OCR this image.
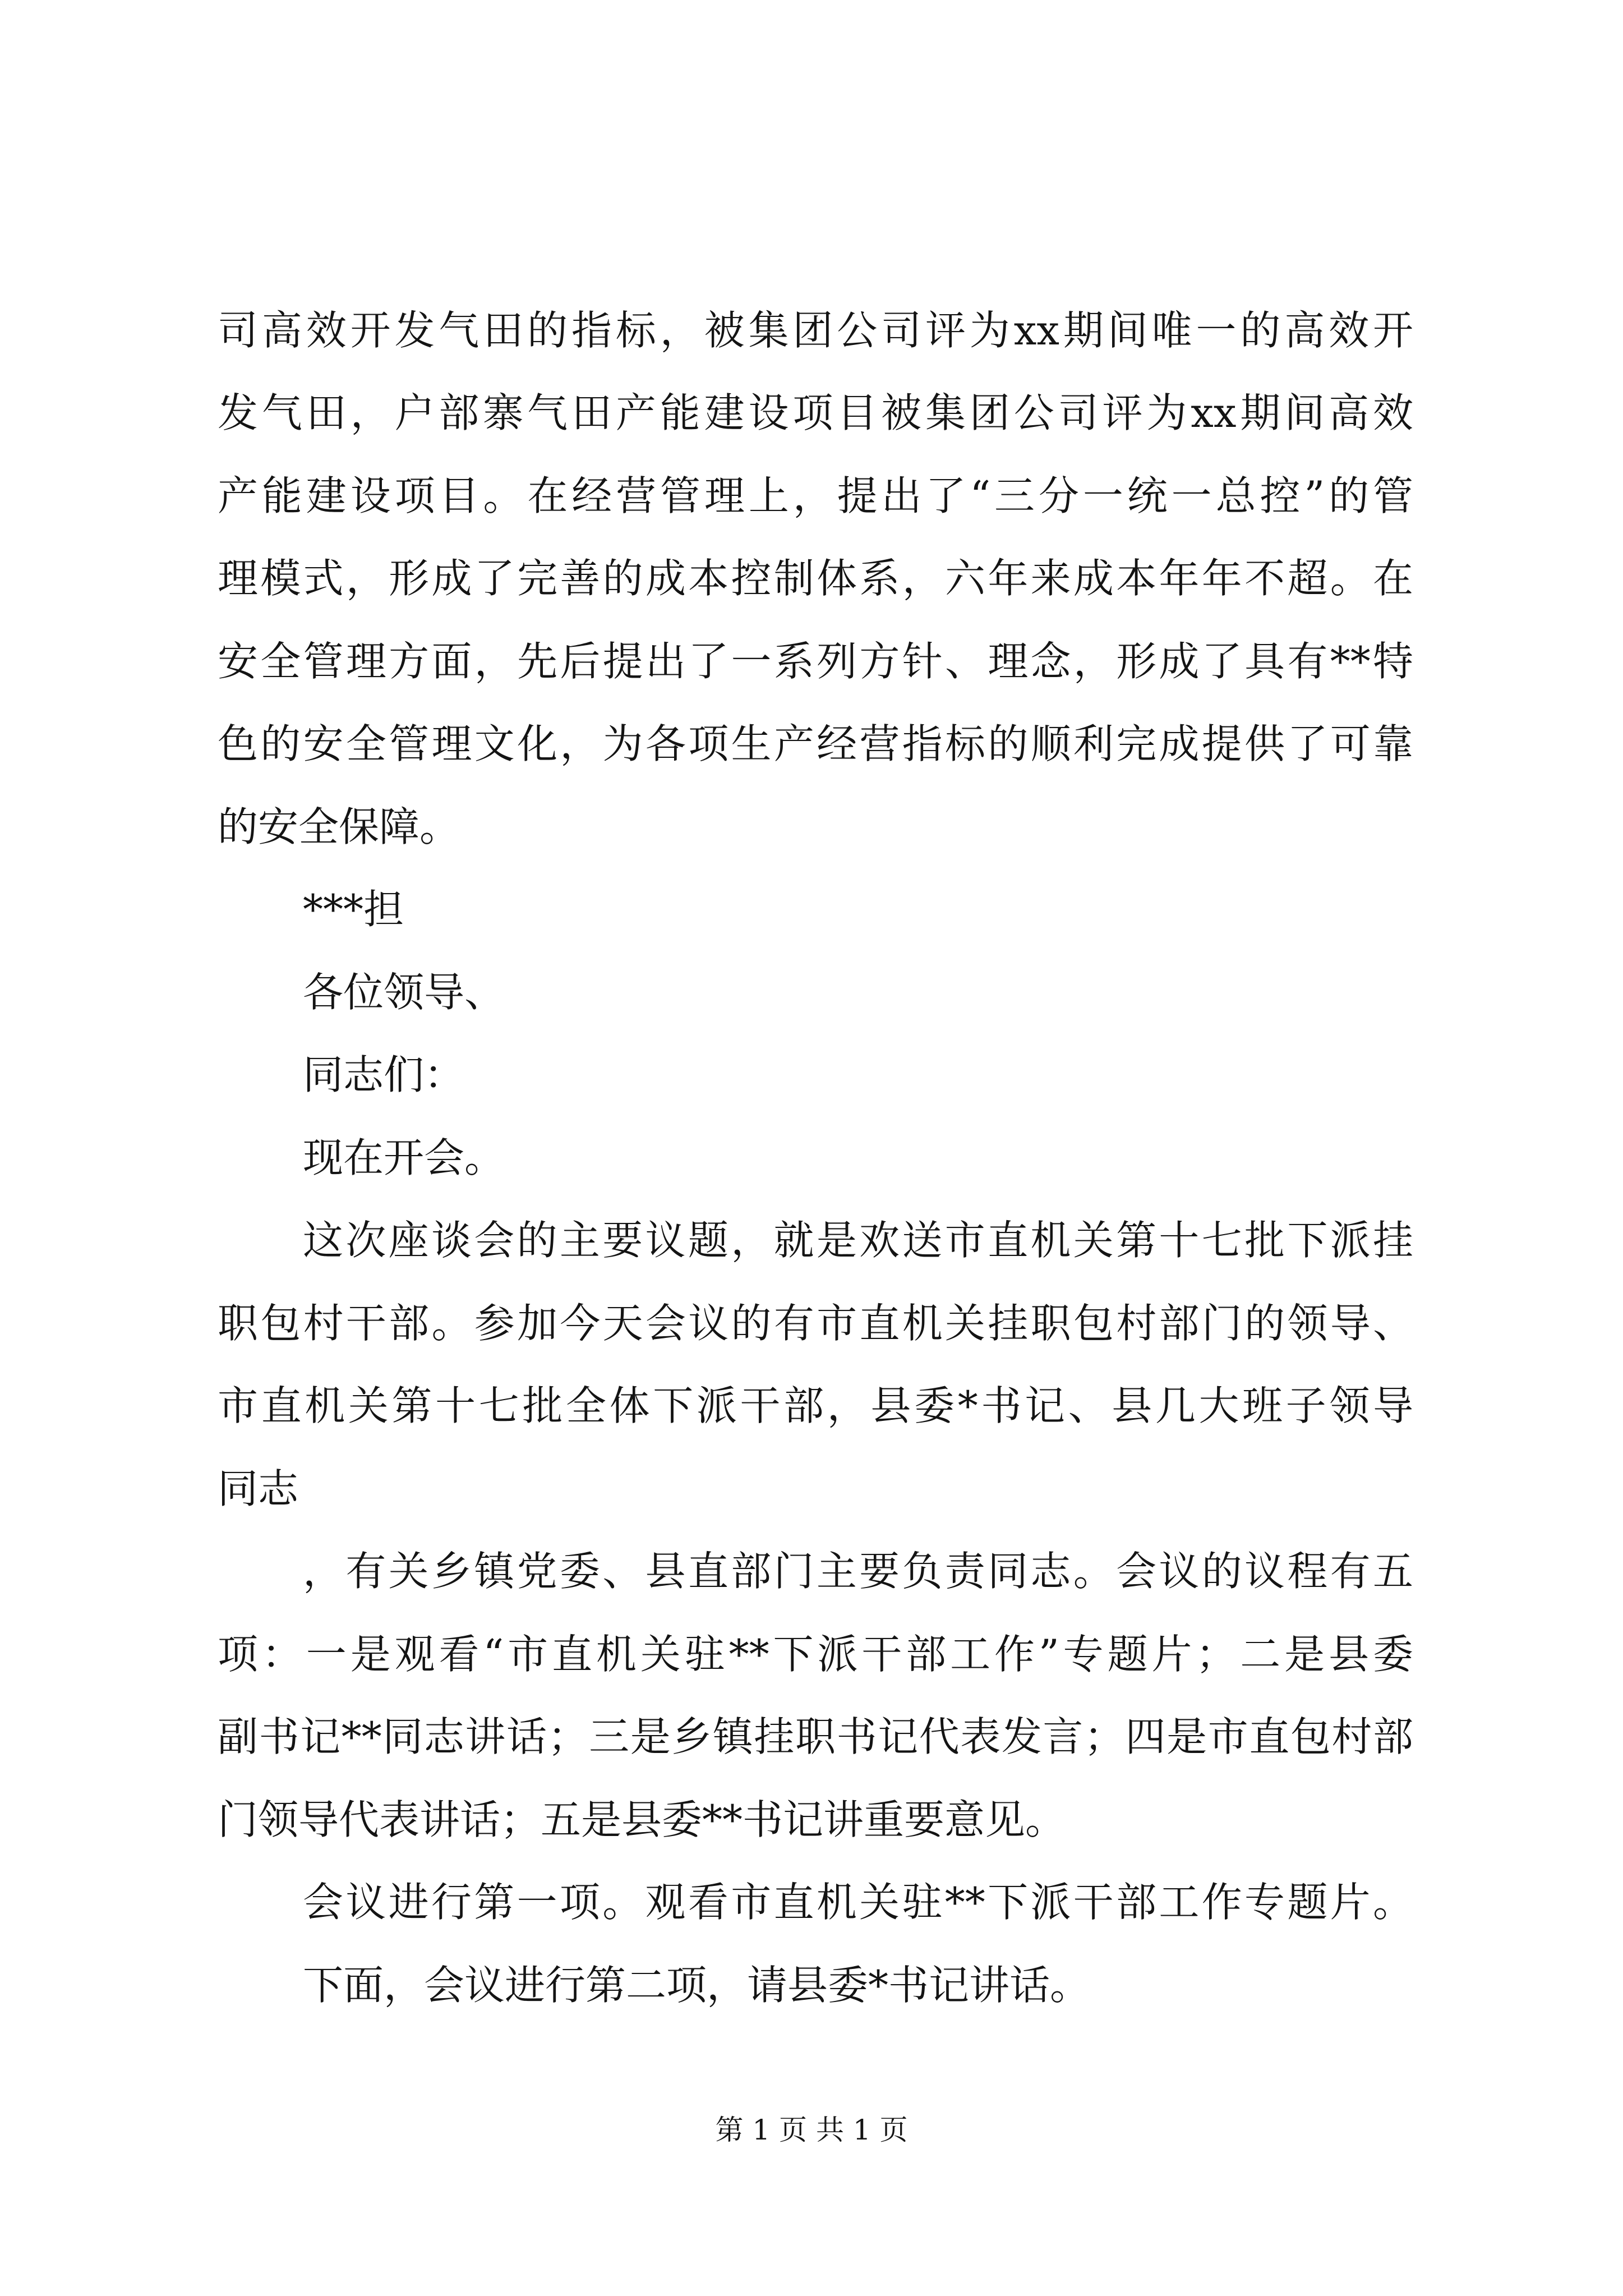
司高效开发气田的指标，被集团公司评为xx期间唯一的高效开

发气田，户部寨气田产能建设项目被集团公司评为xx期间高效

产能建设项目。在经营管理上，提出了“三分一统一总控”的管

理模式，形成了完善的成本控制体系，六年来成本年年不超。在

安全管理方面，先后提出了一系列方针、理念，形成了具有**特

色的安全管理文化，为各项生产经营指标的顺利完成提供了可靠

的安全保障。

***担

各位领导、

同志们：

现在开会。

这次座谈会的主要议题，就是欢送市直机关第十七批下派挂

职包村干部。参加今天会议的有市直机关挂职包村部门的领导、

市直机关第十七批全体下派干部，县委*书记、县几大班子领导

同志

，有关乡镇党委、县直部门主要负责同志。会议的议程有五

项：一是观看“市直机关驻**下派干部工作”专题片；二是县委

副书记**同志讲话；三是乡镇挂职书记代表发言；四是市直包村部

门领导代表讲话；五是县委**书记讲重要意见。

会议进行第一项。观看市直机关驻**下派干部工作专题片。

下面，会议进行第二项，请县委*书记讲话。

第 1 页 共 1 页
